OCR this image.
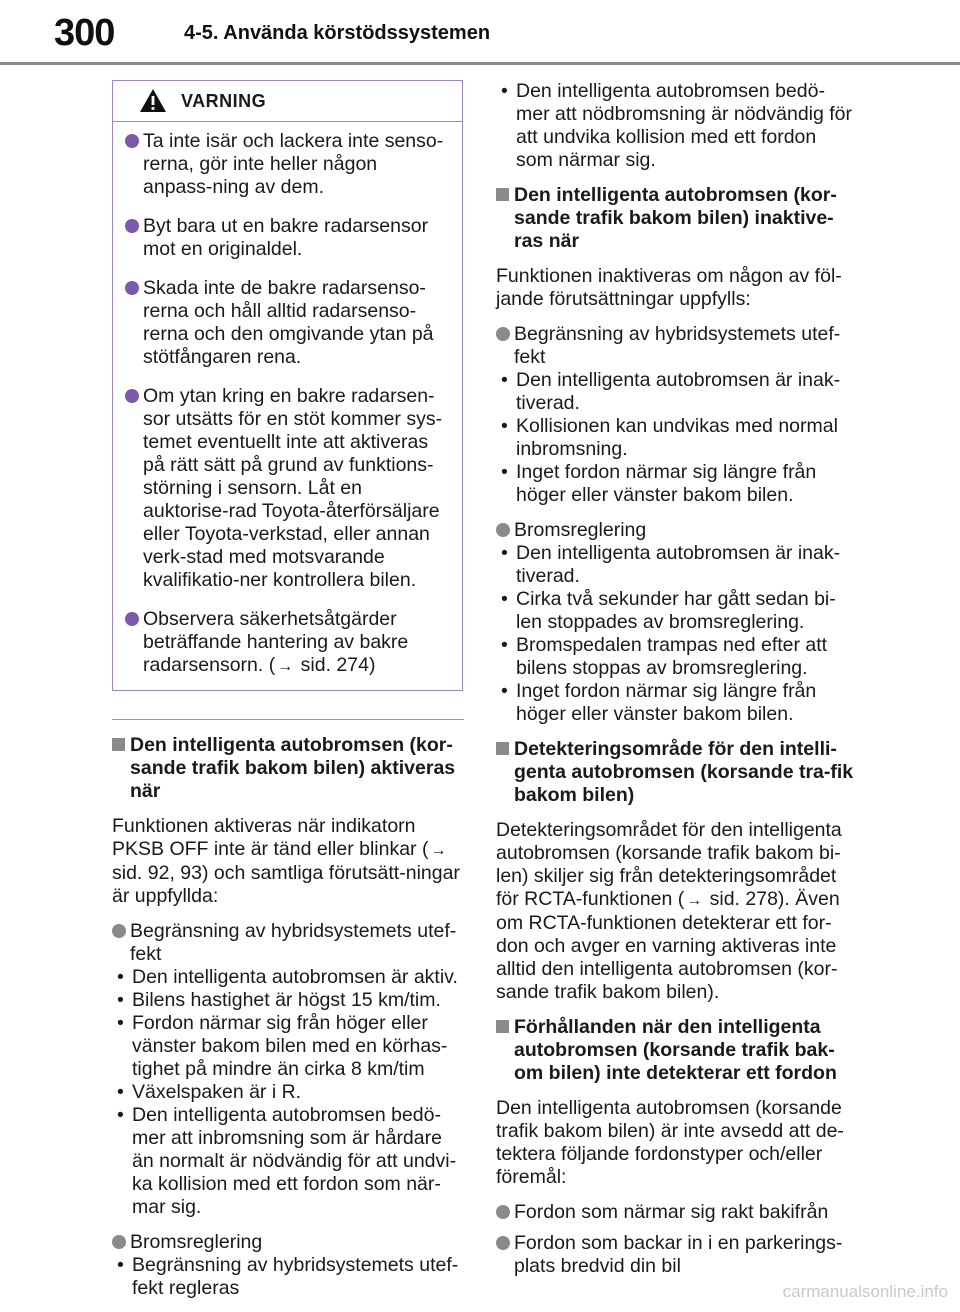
300	4-5. Använda körstödssystemen
VARNING
Ta inte isär och lackera inte senso-rerna, gör inte heller någon anpass-ning av dem.
Byt bara ut en bakre radarsensor mot en originaldel.
Skada inte de bakre radarsenso-rerna och håll alltid radarsenso-rerna och den omgivande ytan på stötfångaren rena.
Om ytan kring en bakre radarsen-sor utsätts för en stöt kommer sys-temet eventuellt inte att aktiveras på rätt sätt på grund av funktions-störning i sensorn. Låt en auktorise-rad Toyota-återförsäljare eller Toyota-verkstad, eller annan verk-stad med motsvarande kvalifikatio-ner kontrollera bilen.
Observera säkerhetsåtgärder beträffande hantering av bakre radarsensorn. ( → sid. 274)
Den intelligenta autobromsen (kor-sande trafik bakom bilen) aktiveras när
Funktionen aktiveras när indikatorn PKSB OFF inte är tänd eller blinkar ( → sid. 92, 93) och samtliga förutsätt-ningar är uppfyllda:
Begränsning av hybridsystemets utef-fekt
• Den intelligenta autobromsen är aktiv.
• Bilens hastighet är högst 15 km/tim.
• Fordon närmar sig från höger eller vänster bakom bilen med en körhas-tighet på mindre än cirka 8 km/tim
• Växelspaken är i R.
• Den intelligenta autobromsen bedö-mer att inbromsning som är hårdare än normalt är nödvändig för att undvi-ka kollision med ett fordon som när-mar sig.
Bromsreglering
• Begränsning av hybridsystemets utef-fekt regleras
• Den intelligenta autobromsen bedö-mer att nödbromsning är nödvändig för att undvika kollision med ett fordon som närmar sig.
Den intelligenta autobromsen (kor-sande trafik bakom bilen) inaktive-ras när
Funktionen inaktiveras om någon av föl-jande förutsättningar uppfylls:
Begränsning av hybridsystemets utef-fekt
• Den intelligenta autobromsen är inak-tiverad.
• Kollisionen kan undvikas med normal inbromsning.
• Inget fordon närmar sig längre från höger eller vänster bakom bilen.
Bromsreglering
• Den intelligenta autobromsen är inak-tiverad.
• Cirka två sekunder har gått sedan bi-len stoppades av bromsreglering.
• Bromspedalen trampas ned efter att bilens stoppas av bromsreglering.
• Inget fordon närmar sig längre från höger eller vänster bakom bilen.
Detekteringsområde för den intelli-genta autobromsen (korsande tra-fik bakom bilen)
Detekteringsområdet för den intelligenta autobromsen (korsande trafik bakom bi-len) skiljer sig från detekteringsområdet för RCTA-funktionen ( → sid. 278). Även om RCTA-funktionen detekterar ett for-don och avger en varning aktiveras inte alltid den intelligenta autobromsen (kor-sande trafik bakom bilen).
Förhållanden när den intelligenta autobromsen (korsande trafik bak-om bilen) inte detekterar ett fordon
Den intelligenta autobromsen (korsande trafik bakom bilen) är inte avsedd att de-tektera följande fordonstyper och/eller föremål:
Fordon som närmar sig rakt bakifrån
Fordon som backar in i en parkerings-plats bredvid din bil
carmanualsonline.info
